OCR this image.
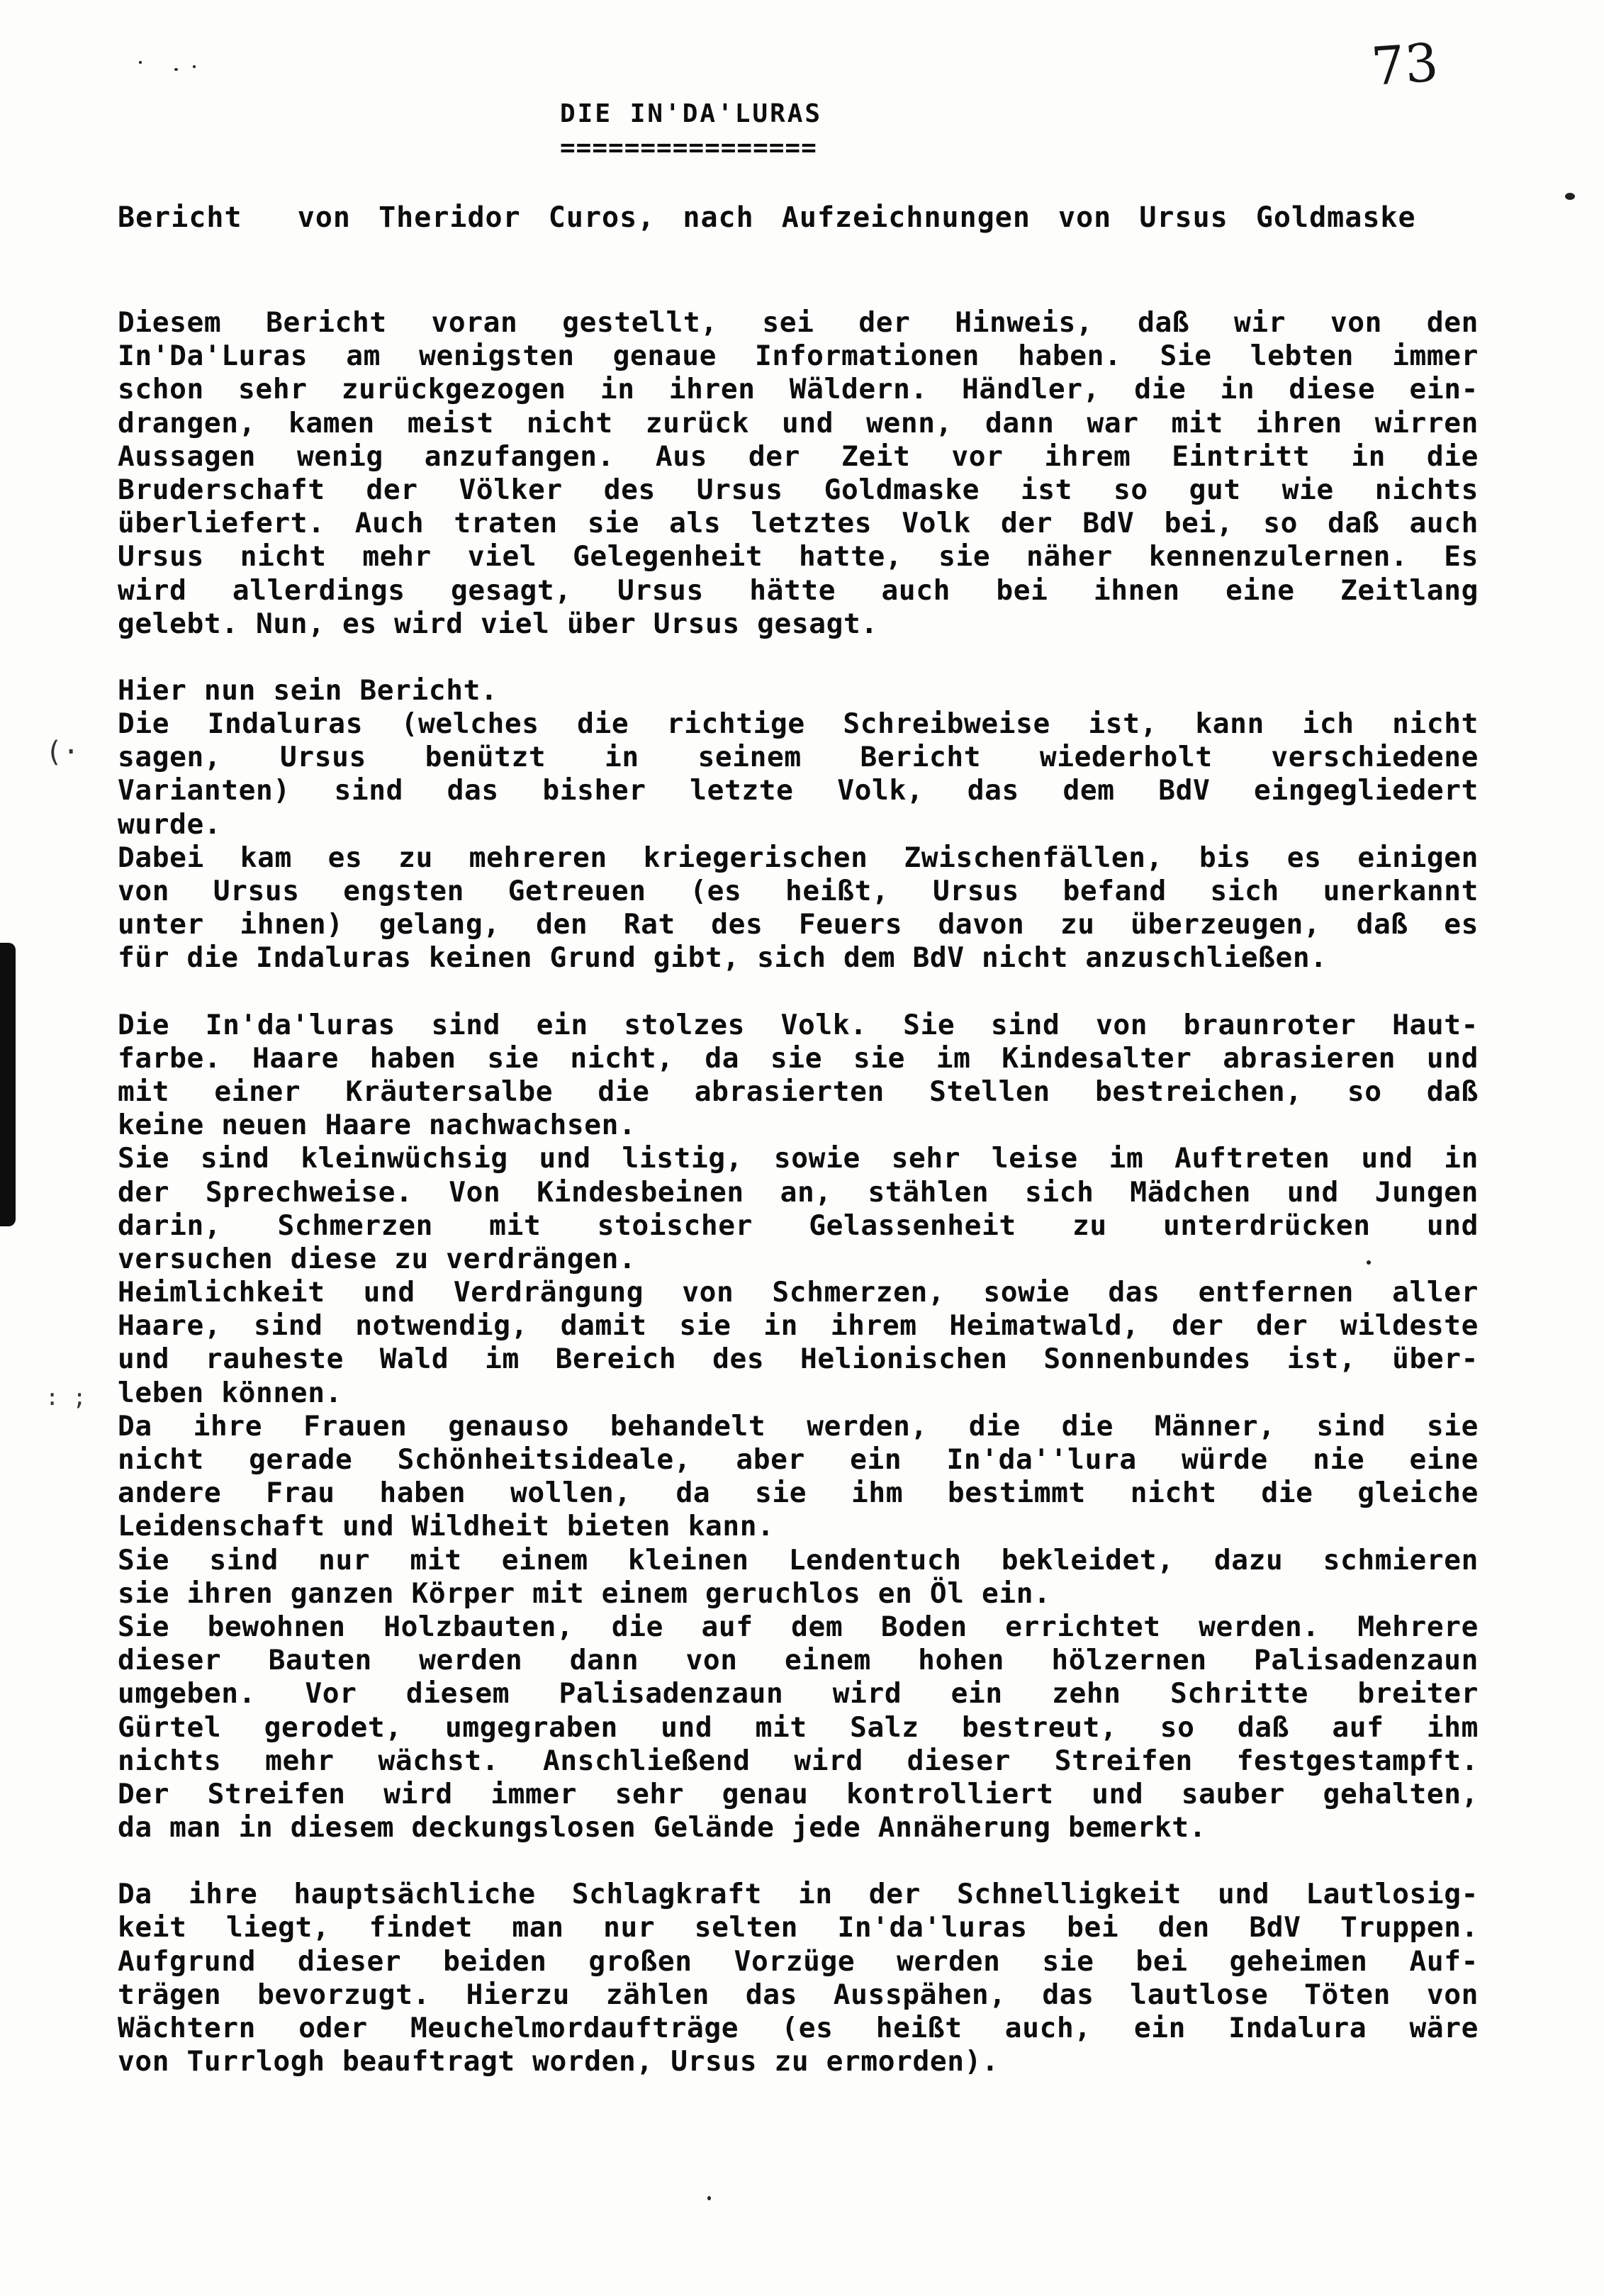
(·
: ;
73
DIE IN'DA'LURAS
================
Bericht  von Theridor Curos, nach Aufzeichnungen von Ursus Goldmaske
Diesem Bericht voran gestellt, sei der Hinweis, daß wir von den
In'Da'Luras am wenigsten genaue Informationen haben. Sie lebten immer
schon sehr zurückgezogen in ihren Wäldern. Händler, die in diese ein-
drangen, kamen meist nicht zurück und wenn, dann war mit ihren wirren
Aussagen wenig anzufangen. Aus der Zeit vor ihrem Eintritt in die
Bruderschaft der Völker des Ursus Goldmaske ist so gut wie nichts
überliefert. Auch traten sie als letztes Volk der BdV bei, so daß auch
Ursus nicht mehr viel Gelegenheit hatte, sie näher kennenzulernen. Es
wird allerdings gesagt, Ursus hätte auch bei ihnen eine Zeitlang
gelebt. Nun, es wird viel über Ursus gesagt.
Hier nun sein Bericht.
Die Indaluras (welches die richtige Schreibweise ist, kann ich nicht
sagen, Ursus benützt in seinem Bericht wiederholt verschiedene
Varianten) sind das bisher letzte Volk, das dem BdV eingegliedert
wurde.
Dabei kam es zu mehreren kriegerischen Zwischenfällen, bis es einigen
von Ursus engsten Getreuen (es heißt, Ursus befand sich unerkannt
unter ihnen) gelang, den Rat des Feuers davon zu überzeugen, daß es
für die Indaluras keinen Grund gibt, sich dem BdV nicht anzuschließen.
Die In'da'luras sind ein stolzes Volk. Sie sind von braunroter Haut-
farbe. Haare haben sie nicht, da sie sie im Kindesalter abrasieren und
mit einer Kräutersalbe die abrasierten Stellen bestreichen, so daß
keine neuen Haare nachwachsen.
Sie sind kleinwüchsig und listig, sowie sehr leise im Auftreten und in
der Sprechweise. Von Kindesbeinen an, stählen sich Mädchen und Jungen
darin, Schmerzen mit stoischer Gelassenheit zu unterdrücken und
versuchen diese zu verdrängen.
Heimlichkeit und Verdrängung von Schmerzen, sowie das entfernen aller
Haare, sind notwendig, damit sie in ihrem Heimatwald, der der wildeste
und rauheste Wald im Bereich des Helionischen Sonnenbundes ist, über-
leben können.
Da ihre Frauen genauso behandelt werden, die die Männer, sind sie
nicht gerade Schönheitsideale, aber ein In'da''lura würde nie eine
andere Frau haben wollen, da sie ihm bestimmt nicht die gleiche
Leidenschaft und Wildheit bieten kann.
Sie sind nur mit einem kleinen Lendentuch bekleidet, dazu schmieren
sie ihren ganzen Körper mit einem geruchlos en Öl ein.
Sie bewohnen Holzbauten, die auf dem Boden errichtet werden. Mehrere
dieser Bauten werden dann von einem hohen hölzernen Palisadenzaun
umgeben. Vor diesem Palisadenzaun wird ein zehn Schritte breiter
Gürtel gerodet, umgegraben und mit Salz bestreut, so daß auf ihm
nichts mehr wächst. Anschließend wird dieser Streifen festgestampft.
Der Streifen wird immer sehr genau kontrolliert und sauber gehalten,
da man in diesem deckungslosen Gelände jede Annäherung bemerkt.
Da ihre hauptsächliche Schlagkraft in der Schnelligkeit und Lautlosig-
keit liegt, findet man nur selten In'da'luras bei den BdV Truppen.
Aufgrund dieser beiden großen Vorzüge werden sie bei geheimen Auf-
trägen bevorzugt. Hierzu zählen das Ausspähen, das lautlose Töten von
Wächtern oder Meuchelmordaufträge (es heißt auch, ein Indalura wäre
von Turrlogh beauftragt worden, Ursus zu ermorden).
